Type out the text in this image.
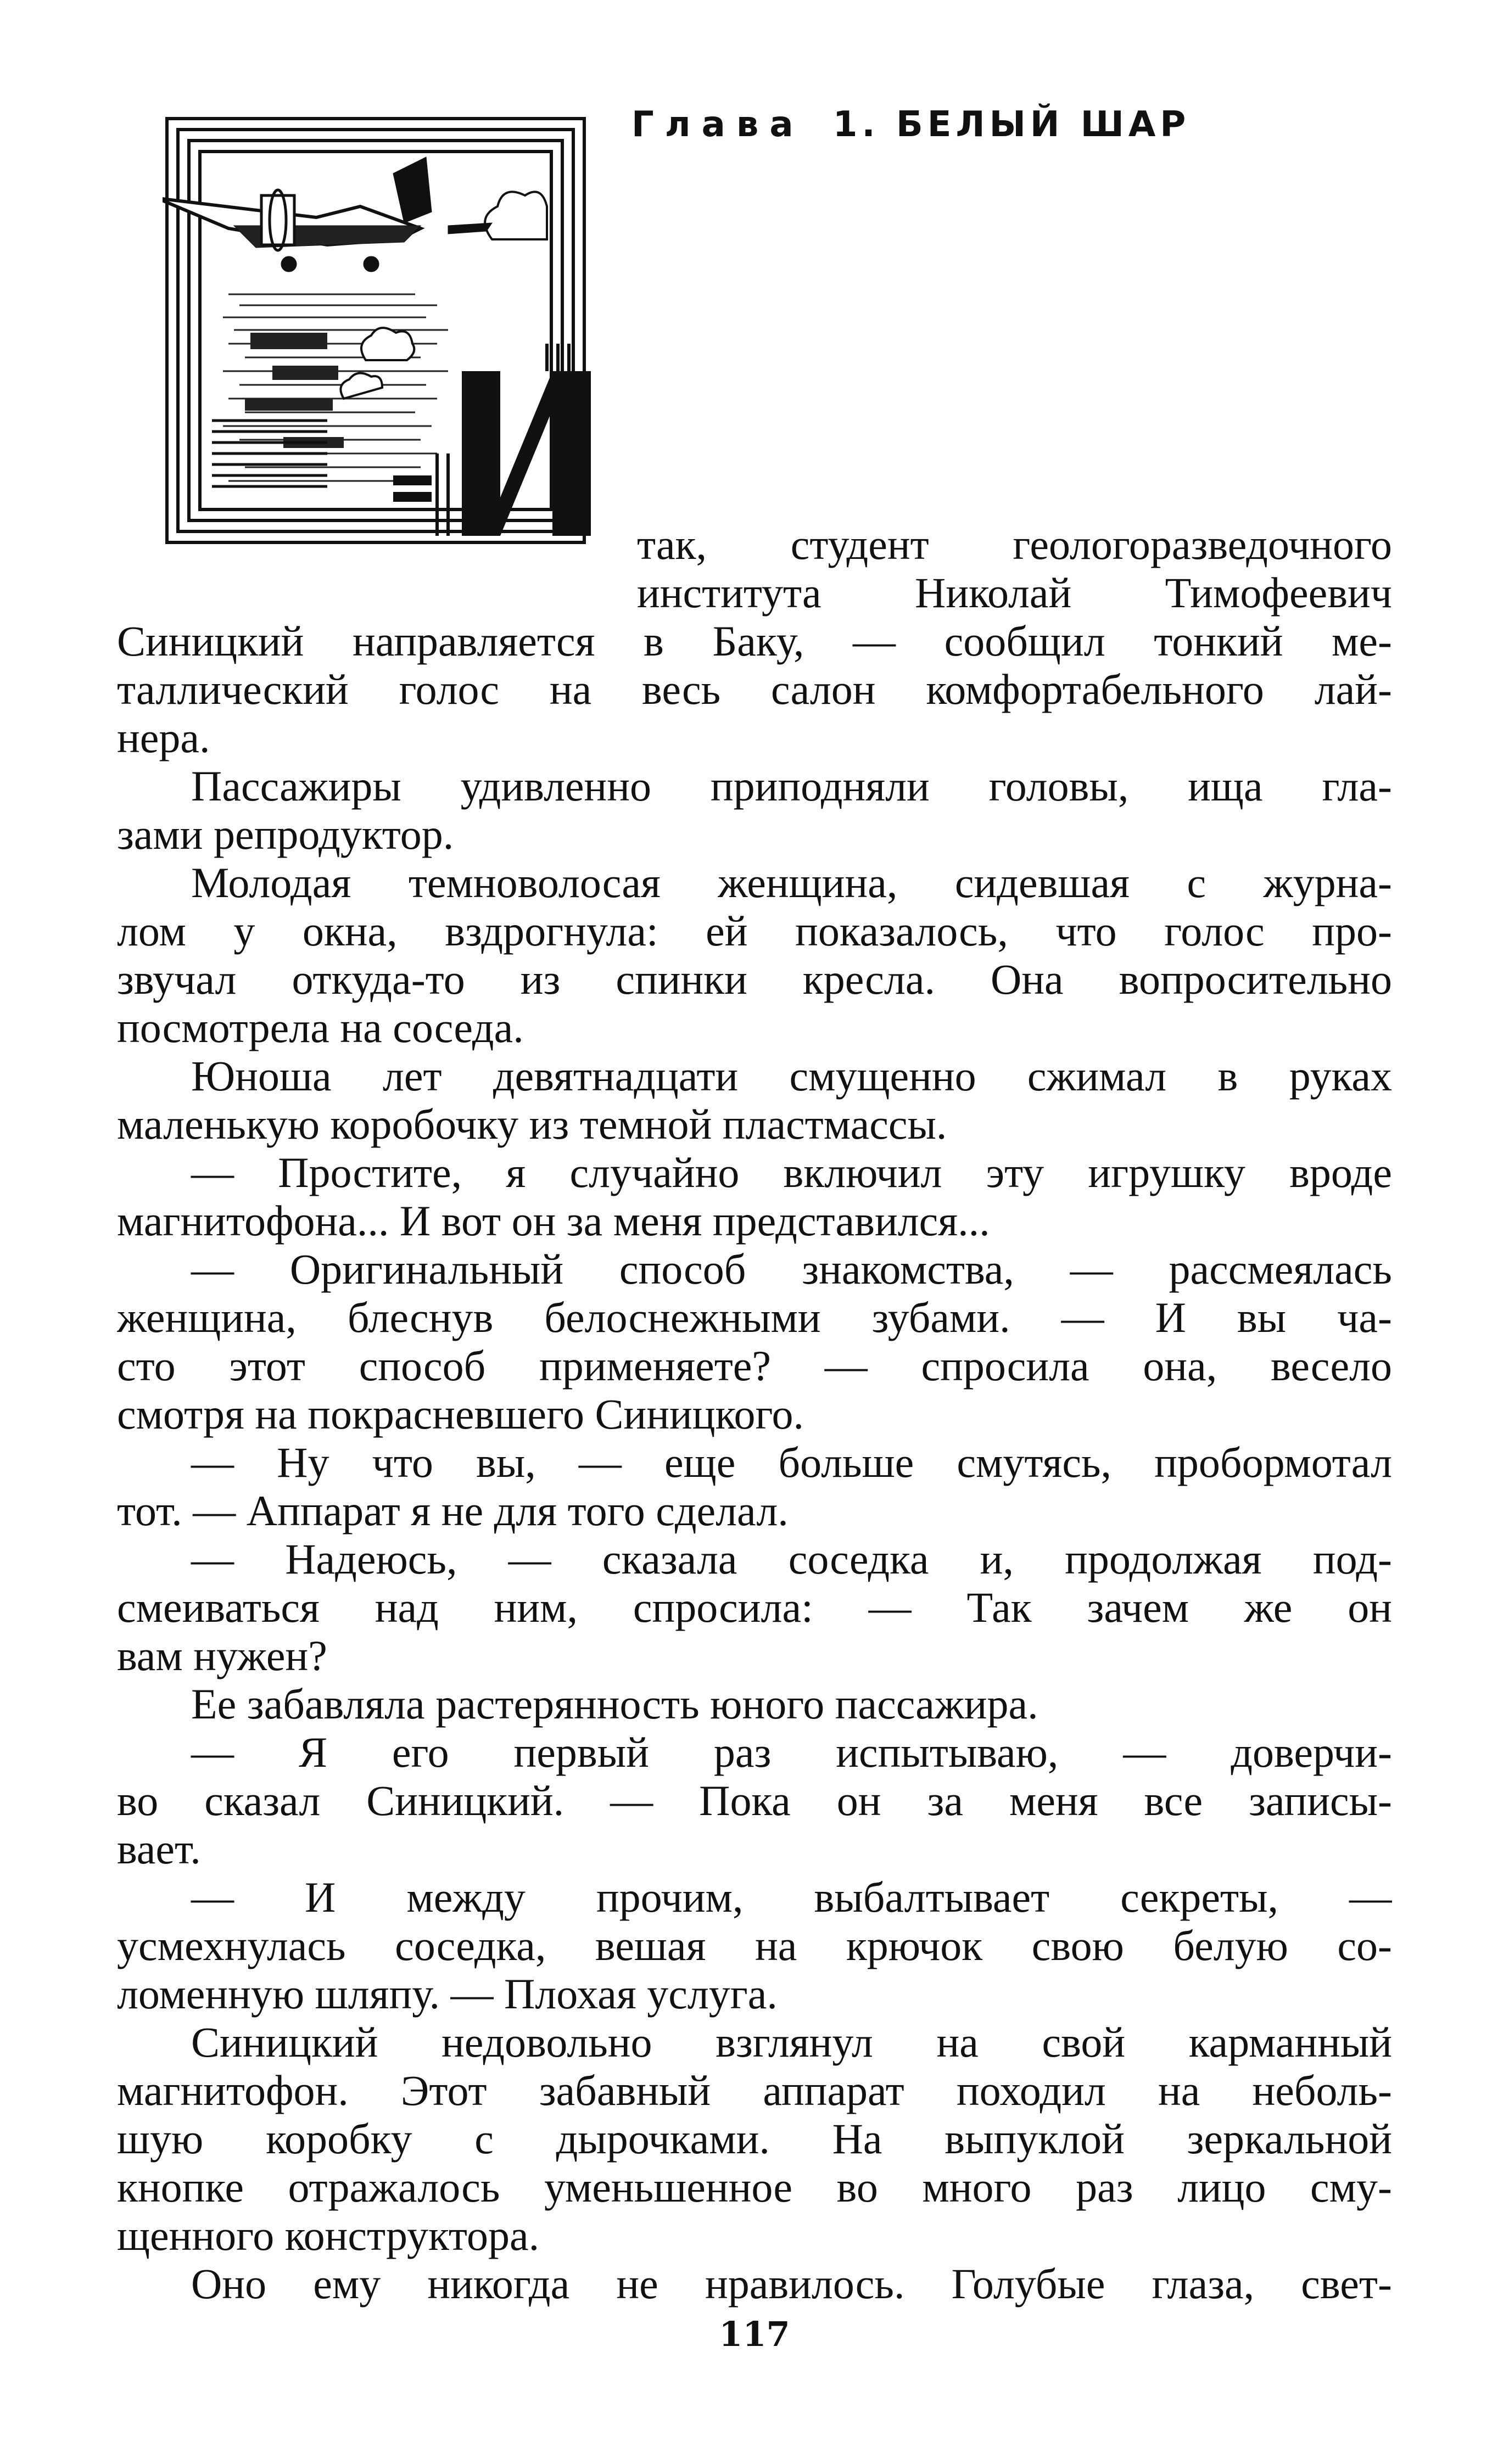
Глава 1. БЕЛЫЙ ШАР
так, студент геологоразведочного
института Николай Тимофеевич
Синицкий направляется в Баку, — сообщил тонкий ме-
таллический голос на весь салон комфортабельного лай-
нера.
Пассажиры удивленно приподняли головы, ища гла-
зами репродуктор.
Молодая темноволосая женщина, сидевшая с журна-
лом у окна, вздрогнула: ей показалось, что голос про-
звучал откуда-то из спинки кресла. Она вопросительно
посмотрела на соседа.
Юноша лет девятнадцати смущенно сжимал в руках
маленькую коробочку из темной пластмассы.
— Простите, я случайно включил эту игрушку вроде
магнитофона... И вот он за меня представился...
— Оригинальный способ знакомства, — рассмеялась
женщина, блеснув белоснежными зубами. — И вы ча-
сто этот способ применяете? — спросила она, весело
смотря на покрасневшего Синицкого.
— Ну что вы, — еще больше смутясь, пробормотал
тот. — Аппарат я не для того сделал.
— Надеюсь, — сказала соседка и, продолжая под-
смеиваться над ним, спросила: — Так зачем же он
вам нужен?
Ее забавляла растерянность юного пассажира.
— Я его первый раз испытываю, — доверчи-
во сказал Синицкий. — Пока он за меня все записы-
вает.
— И между прочим, выбалтывает секреты, —
усмехнулась соседка, вешая на крючок свою белую со-
ломенную шляпу. — Плохая услуга.
Синицкий недовольно взглянул на свой карманный
магнитофон. Этот забавный аппарат походил на неболь-
шую коробку с дырочками. На выпуклой зеркальной
кнопке отражалось уменьшенное во много раз лицо сму-
щенного конструктора.
Оно ему никогда не нравилось. Голубые глаза, свет-
117
